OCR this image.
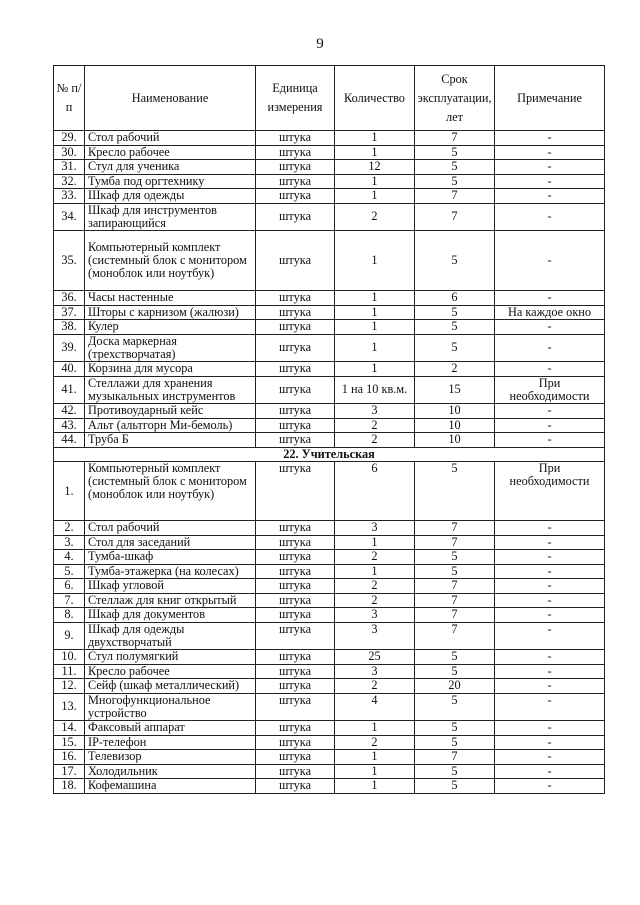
9
№ п/п	Наименование	Единица измерения	Количество	Срок эксплуатации, лет	Примечание
29.	Стол рабочий	штука	1	7	-
30.	Кресло рабочее	штука	1	5	-
31.	Стул для ученика	штука	12	5	-
32.	Тумба под оргтехнику	штука	1	5	-
33.	Шкаф для одежды	штука	1	7	-
34.	Шкаф для инструментов запирающийся	штука	2	7	-
35.	Компьютерный комплект (системный блок с монитором (моноблок или ноутбук)	штука	1	5	-
36.	Часы настенные	штука	1	6	-
37.	Шторы с карнизом (жалюзи)	штука	1	5	На каждое окно
38.	Кулер	штука	1	5	-
39.	Доска маркерная (трехстворчатая)	штука	1	5	-
40.	Корзина для мусора	штука	1	2	-
41.	Стеллажи для хранения музыкальных инструментов	штука	1 на 10 кв.м.	15	При необходимости
42.	Противоударный кейс	штука	3	10	-
43.	Альт (альтгорн Ми-бемоль)	штука	2	10	-
44.	Труба Б	штука	2	10	-
22. Учительская					
1.	Компьютерный комплект (системный блок с монитором (моноблок или ноутбук)	штука	6	5	При необходимости
2.	Стол рабочий	штука	3	7	-
3.	Стол для заседаний	штука	1	7	-
4.	Тумба-шкаф	штука	2	5	-
5.	Тумба-этажерка (на колесах)	штука	1	5	-
6.	Шкаф угловой	штука	2	7	-
7.	Стеллаж для книг открытый	штука	2	7	-
8.	Шкаф для документов	штука	3	7	-
9.	Шкаф для одежды двухстворчатый	штука	3	7	-
10.	Стул полумягкий	штука	25	5	-
11.	Кресло рабочее	штука	3	5	-
12.	Сейф (шкаф металлический)	штука	2	20	-
13.	Многофункциональное устройство	штука	4	5	-
14.	Факсовый аппарат	штука	1	5	-
15.	IP-телефон	штука	2	5	-
16.	Телевизор	штука	1	7	-
17.	Холодильник	штука	1	5	-
18.	Кофемашина	штука	1	5	-
